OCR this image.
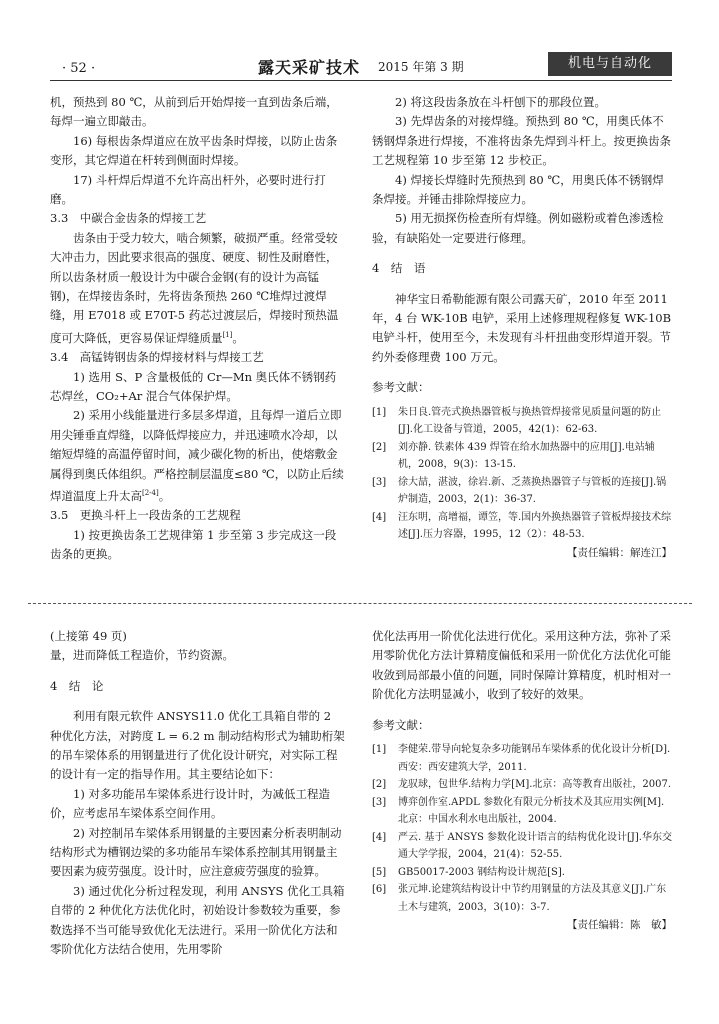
· 52 ·	露天采矿技术 2015 年第 3 期	机电与自动化

机，预热到 80 ℃，从前到后开始焊接一直到齿条后端，每焊一遍立即敲击。

16) 每根齿条焊道应在放平齿条时焊接，以防止齿条变形，其它焊道在杆转到侧面时焊接。

17) 斗杆焊后焊道不允许高出杆外，必要时进行打磨。

3.3　中碳合金齿条的焊接工艺

齿条由于受力较大，啮合频繁，破损严重。经常受较大冲击力，因此要求很高的强度、硬度、韧性及耐磨性，所以齿条材质一般设计为中碳合金钢(有的设计为高锰钢)，在焊接齿条时，先将齿条预热 260 ℃堆焊过渡焊缝，用 E7018 或 E70T-5 药芯过渡层后，焊接时预热温度可大降低，更容易保证焊缝质量[1]。

3.4　高锰铸钢齿条的焊接材料与焊接工艺

1) 选用 S、P 含量极低的 Cr—Mn 奥氏体不锈钢药芯焊丝，CO₂+Ar 混合气体保护焊。

2) 采用小线能量进行多层多焊道，且每焊一道后立即用尖锤垂直焊缝，以降低焊接应力，并迅速喷水冷却，以缩短焊缝的高温停留时间，减少碳化物的析出，使熔敷金属得到奥氏体组织。严格控制层温度≤80 ℃，以防止后续焊道温度上升太高[2-4]。

3.5　更换斗杆上一段齿条的工艺规程

1) 按更换齿条工艺规律第 1 步至第 3 步完成这一段齿条的更换。

2) 将这段齿条放在斗杆刨下的那段位置。

3) 先焊齿条的对接焊缝。预热到 80 ℃，用奥氏体不锈钢焊条进行焊接，不准将齿条先焊到斗杆上。按更换齿条工艺规程第 10 步至第 12 步校正。

4) 焊接长焊缝时先预热到 80 ℃，用奥氏体不锈钢焊条焊接。并锤击排除焊接应力。

5) 用无损探伤检查所有焊缝。例如磁粉或着色渗透检验，有缺陷处一定要进行修理。

4　结　语

神华宝日希勒能源有限公司露天矿，2010 年至 2011 年，4 台 WK-10B 电铲，采用上述修理规程修复 WK-10B 电铲斗杆，使用至今，未发现有斗杆扭曲变形焊道开裂。节约外委修理费 100 万元。

参考文献：

[1]	朱日良.管壳式换热器管板与换热管焊接常见质量问题的防止[J].化工设备与管道，2005，42(1)：62-63.
[2]	刘亦静. 铁素体 439 焊管在给水加热器中的应用[J].电站辅机，2008，9(3)：13-15.
[3]	徐大喆，湛波，徐岩.新、乏蒸换热器管子与管板的连接[J].锅炉制造，2003，2(1)：36-37.
[4]	汪东明，高增福，谭笠，等.国内外换热器管子管板焊接技术综述[J].压力容器，1995，12（2）：48-53.

【责任编辑：解连江】

(上接第 49 页)

量，进而降低工程造价，节约资源。

4　结　论

利用有限元软件 ANSYS11.0 优化工具箱自带的 2 种优化方法，对跨度 L = 6.2 m 制动结构形式为辅助桁架的吊车梁体系的用钢量进行了优化设计研究，对实际工程的设计有一定的指导作用。其主要结论如下：

1) 对多功能吊车梁体系进行设计时，为减低工程造价，应考虑吊车梁体系空间作用。

2) 对控制吊车梁体系用钢量的主要因素分析表明制动结构形式为槽钢边梁的多功能吊车梁体系控制其用钢量主要因素为疲劳强度。设计时，应注意疲劳强度的验算。

3) 通过优化分析过程发现，利用 ANSYS 优化工具箱自带的 2 种优化方法优化时，初始设计参数较为重要，参数选择不当可能导致优化无法进行。采用一阶优化方法和零阶优化方法结合使用，先用零阶

优化法再用一阶优化法进行优化。采用这种方法，弥补了采用零阶优化方法计算精度偏低和采用一阶优化方法优化可能收敛到局部最小值的问题，同时保障计算精度，机时相对一阶优化方法明显减小，收到了较好的效果。

参考文献：

[1]	李健荣.带导向轮复杂多功能钢吊车梁体系的优化设计分析[D].西安：西安建筑大学，2011.
[2]	龙驭球，包世华.结构力学[M].北京：高等教育出版社，2007.
[3]	博弈创作室.APDL 参数化有限元分析技术及其应用实例[M].北京：中国水利水电出版社，2004.
[4]	严云. 基于 ANSYS 参数化设计语言的结构优化设计[J].华东交通大学学报，2004，21(4)：52-55.
[5]	GB50017-2003 钢结构设计规范[S].
[6]	张元坤.论建筑结构设计中节约用钢量的方法及其意义[J].广东土木与建筑，2003，3(10)：3-7.

【责任编辑：陈　敏】
